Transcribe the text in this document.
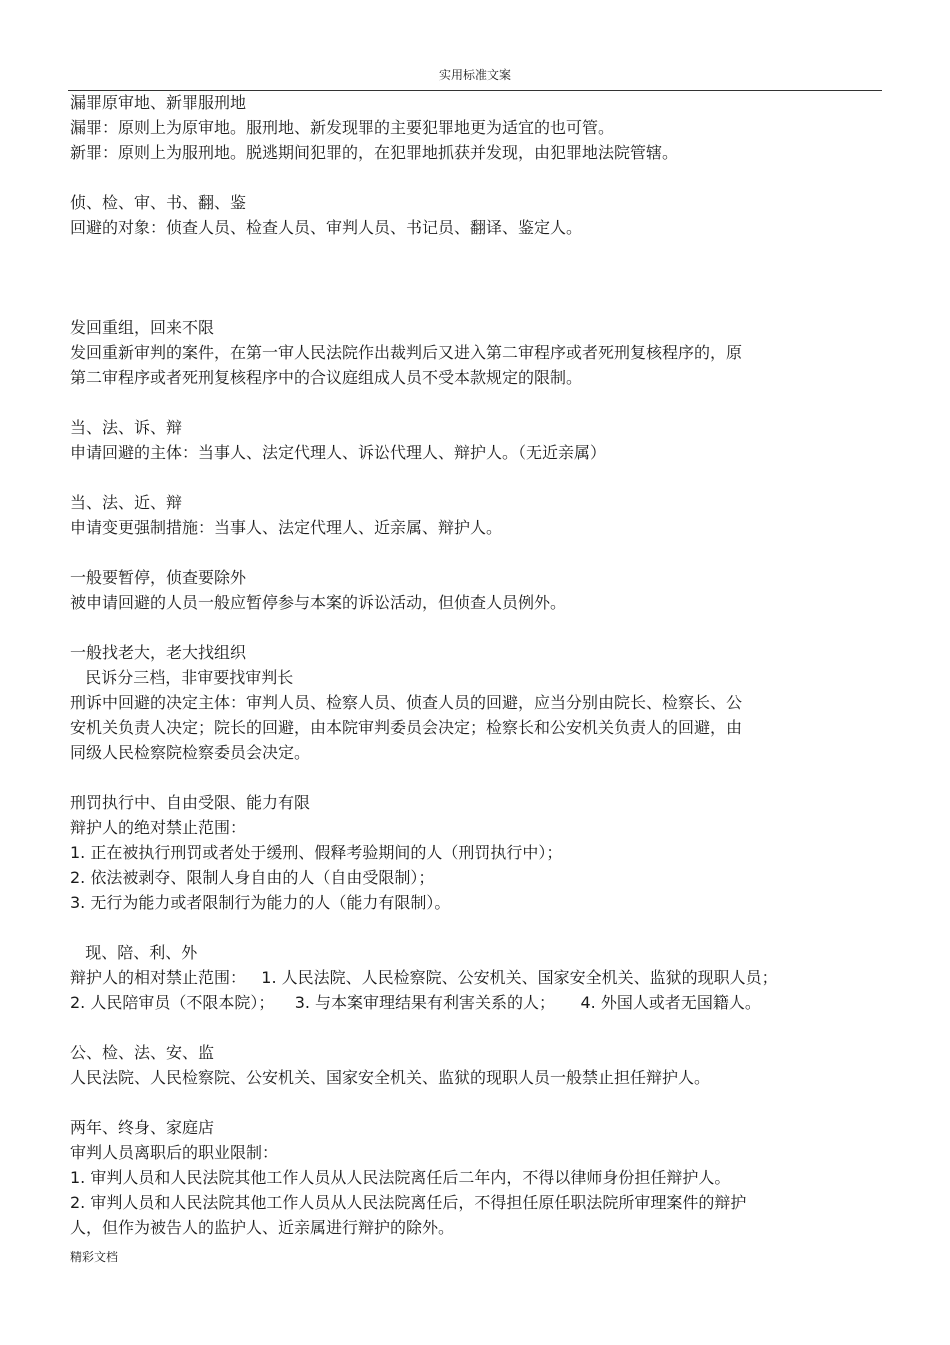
实用标准文案

漏罪原审地、新罪服刑地

漏罪：原则上为原审地。服刑地、新发现罪的主要犯罪地更为适宜的也可管。

新罪：原则上为服刑地。脱逃期间犯罪的，在犯罪地抓获并发现，由犯罪地法院管辖。

侦、检、审、书、翻、鉴

回避的对象：侦查人员、检查人员、审判人员、书记员、翻译、鉴定人。

发回重组，回来不限

发回重新审判的案件，在第一审人民法院作出裁判后又进入第二审程序或者死刑复核程序的，原

第二审程序或者死刑复核程序中的合议庭组成人员不受本款规定的限制。

当、法、诉、辩

申请回避的主体：当事人、法定代理人、诉讼代理人、辩护人。（无近亲属）

当、法、近、辩

申请变更强制措施：当事人、法定代理人、近亲属、辩护人。

一般要暂停，侦查要除外

被申请回避的人员一般应暂停参与本案的诉讼活动，但侦查人员例外。

一般找老大，老大找组织

民诉分三档，非审要找审判长

刑诉中回避的决定主体：审判人员、检察人员、侦查人员的回避，应当分别由院长、检察长、公

安机关负责人决定；院长的回避，由本院审判委员会决定；检察长和公安机关负责人的回避，由

同级人民检察院检察委员会决定。

刑罚执行中、自由受限、能力有限

辩护人的绝对禁止范围：

1. 正在被执行刑罚或者处于缓刑、假释考验期间的人（刑罚执行中）；

2. 依法被剥夺、限制人身自由的人（自由受限制）；

3. 无行为能力或者限制行为能力的人（能力有限制）。

现、陪、利、外

辩护人的相对禁止范围：   1. 人民法院、人民检察院、公安机关、国家安全机关、监狱的现职人员；

2. 人民陪审员（不限本院）；    3. 与本案审理结果有利害关系的人；     4. 外国人或者无国籍人。

公、检、法、安、监

人民法院、人民检察院、公安机关、国家安全机关、监狱的现职人员一般禁止担任辩护人。

两年、终身、家庭店

审判人员离职后的职业限制：

1. 审判人员和人民法院其他工作人员从人民法院离任后二年内，不得以律师身份担任辩护人。

2. 审判人员和人民法院其他工作人员从人民法院离任后，不得担任原任职法院所审理案件的辩护

人，但作为被告人的监护人、近亲属进行辩护的除外。

精彩文档
